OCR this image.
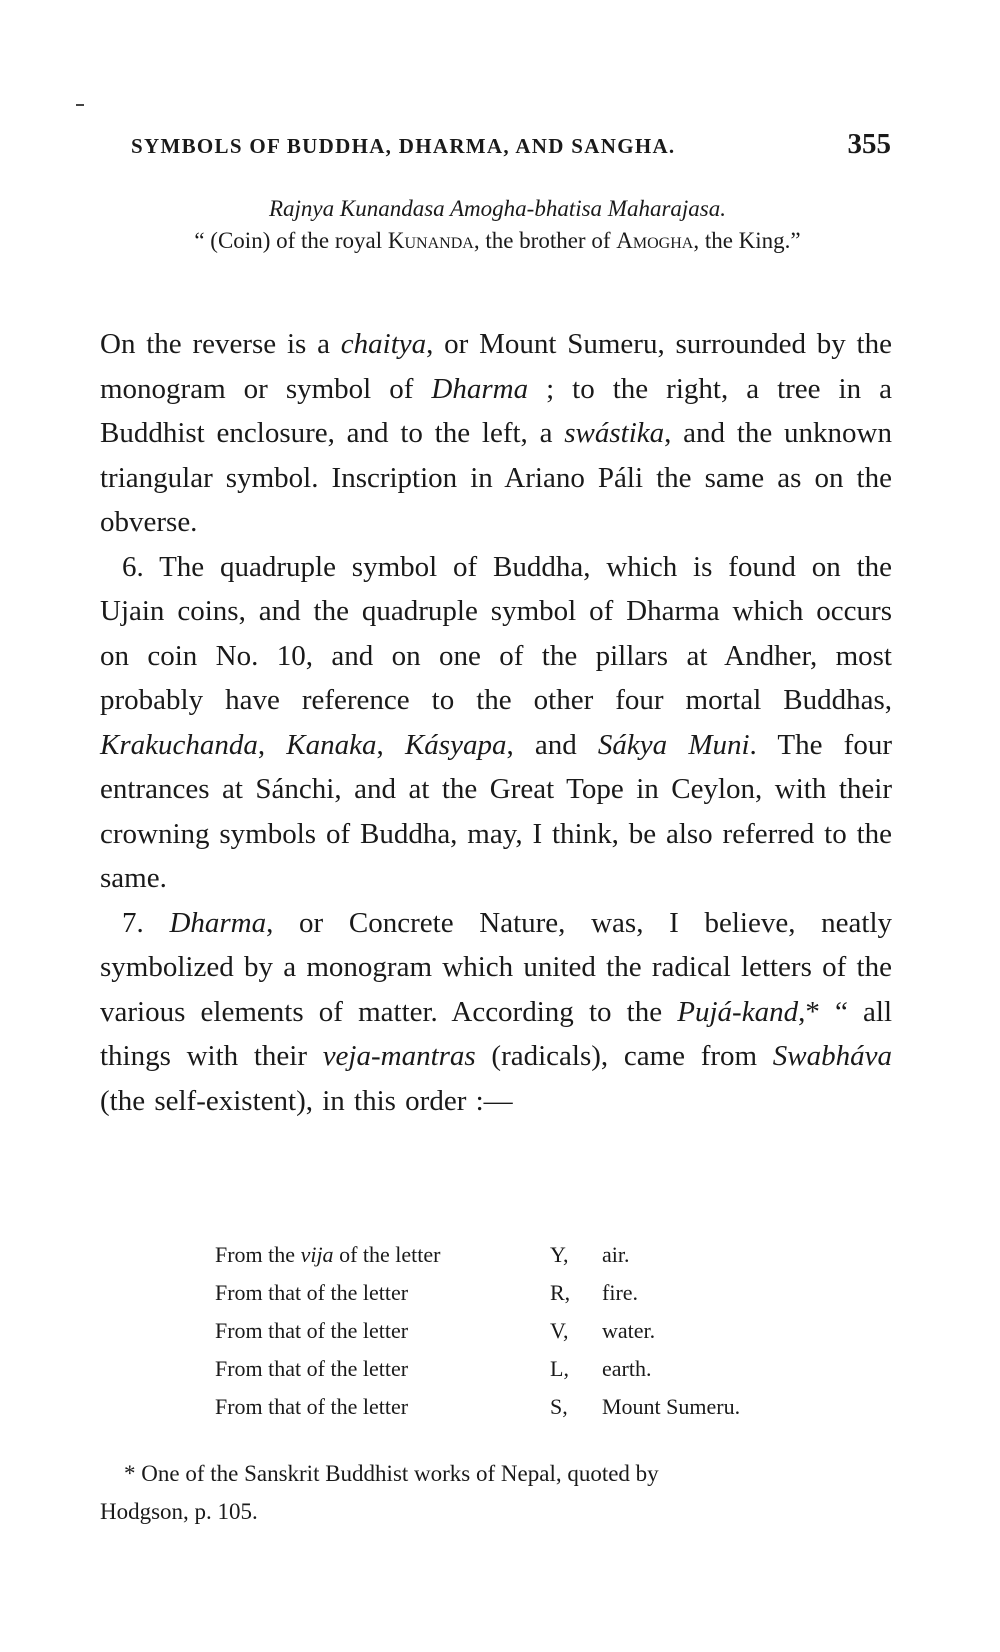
SYMBOLS OF BUDDHA, DHARMA, AND SANGHA.	355

Rajnya Kunandasa Amogha-bhatisa Maharajasa.

“ (Coin) of the royal Kunanda, the brother of Amogha, the King.”

On the reverse is a chaitya, or Mount Sumeru, surrounded by the monogram or symbol of Dharma ; to the right, a tree in a Buddhist enclosure, and to the left, a swástika, and the unknown triangular symbol. Inscription in Ariano Páli the same as on the obverse.

6. The quadruple symbol of Buddha, which is found on the Ujain coins, and the quadruple symbol of Dharma which occurs on coin No. 10, and on one of the pillars at Andher, most probably have reference to the other four mortal Buddhas, Krakuchanda, Kanaka, Kásyapa, and Sákya Muni. The four entrances at Sánchi, and at the Great Tope in Ceylon, with their crowning symbols of Buddha, may, I think, be also referred to the same.

7. Dharma, or Concrete Nature, was, I believe, neatly symbolized by a monogram which united the radical letters of the various elements of matter. According to the Pujá-kand,* “ all things with their veja-mantras (radicals), came from Swabháva (the self-existent), in this order :—

From the vija of the letter	Y,	air.
From that of the letter	R,	fire.
From that of the letter	V,	water.
From that of the letter	L,	earth.
From that of the letter	S,	Mount Sumeru.

* One of the Sanskrit Buddhist works of Nepal, quoted by
Hodgson, p. 105.
